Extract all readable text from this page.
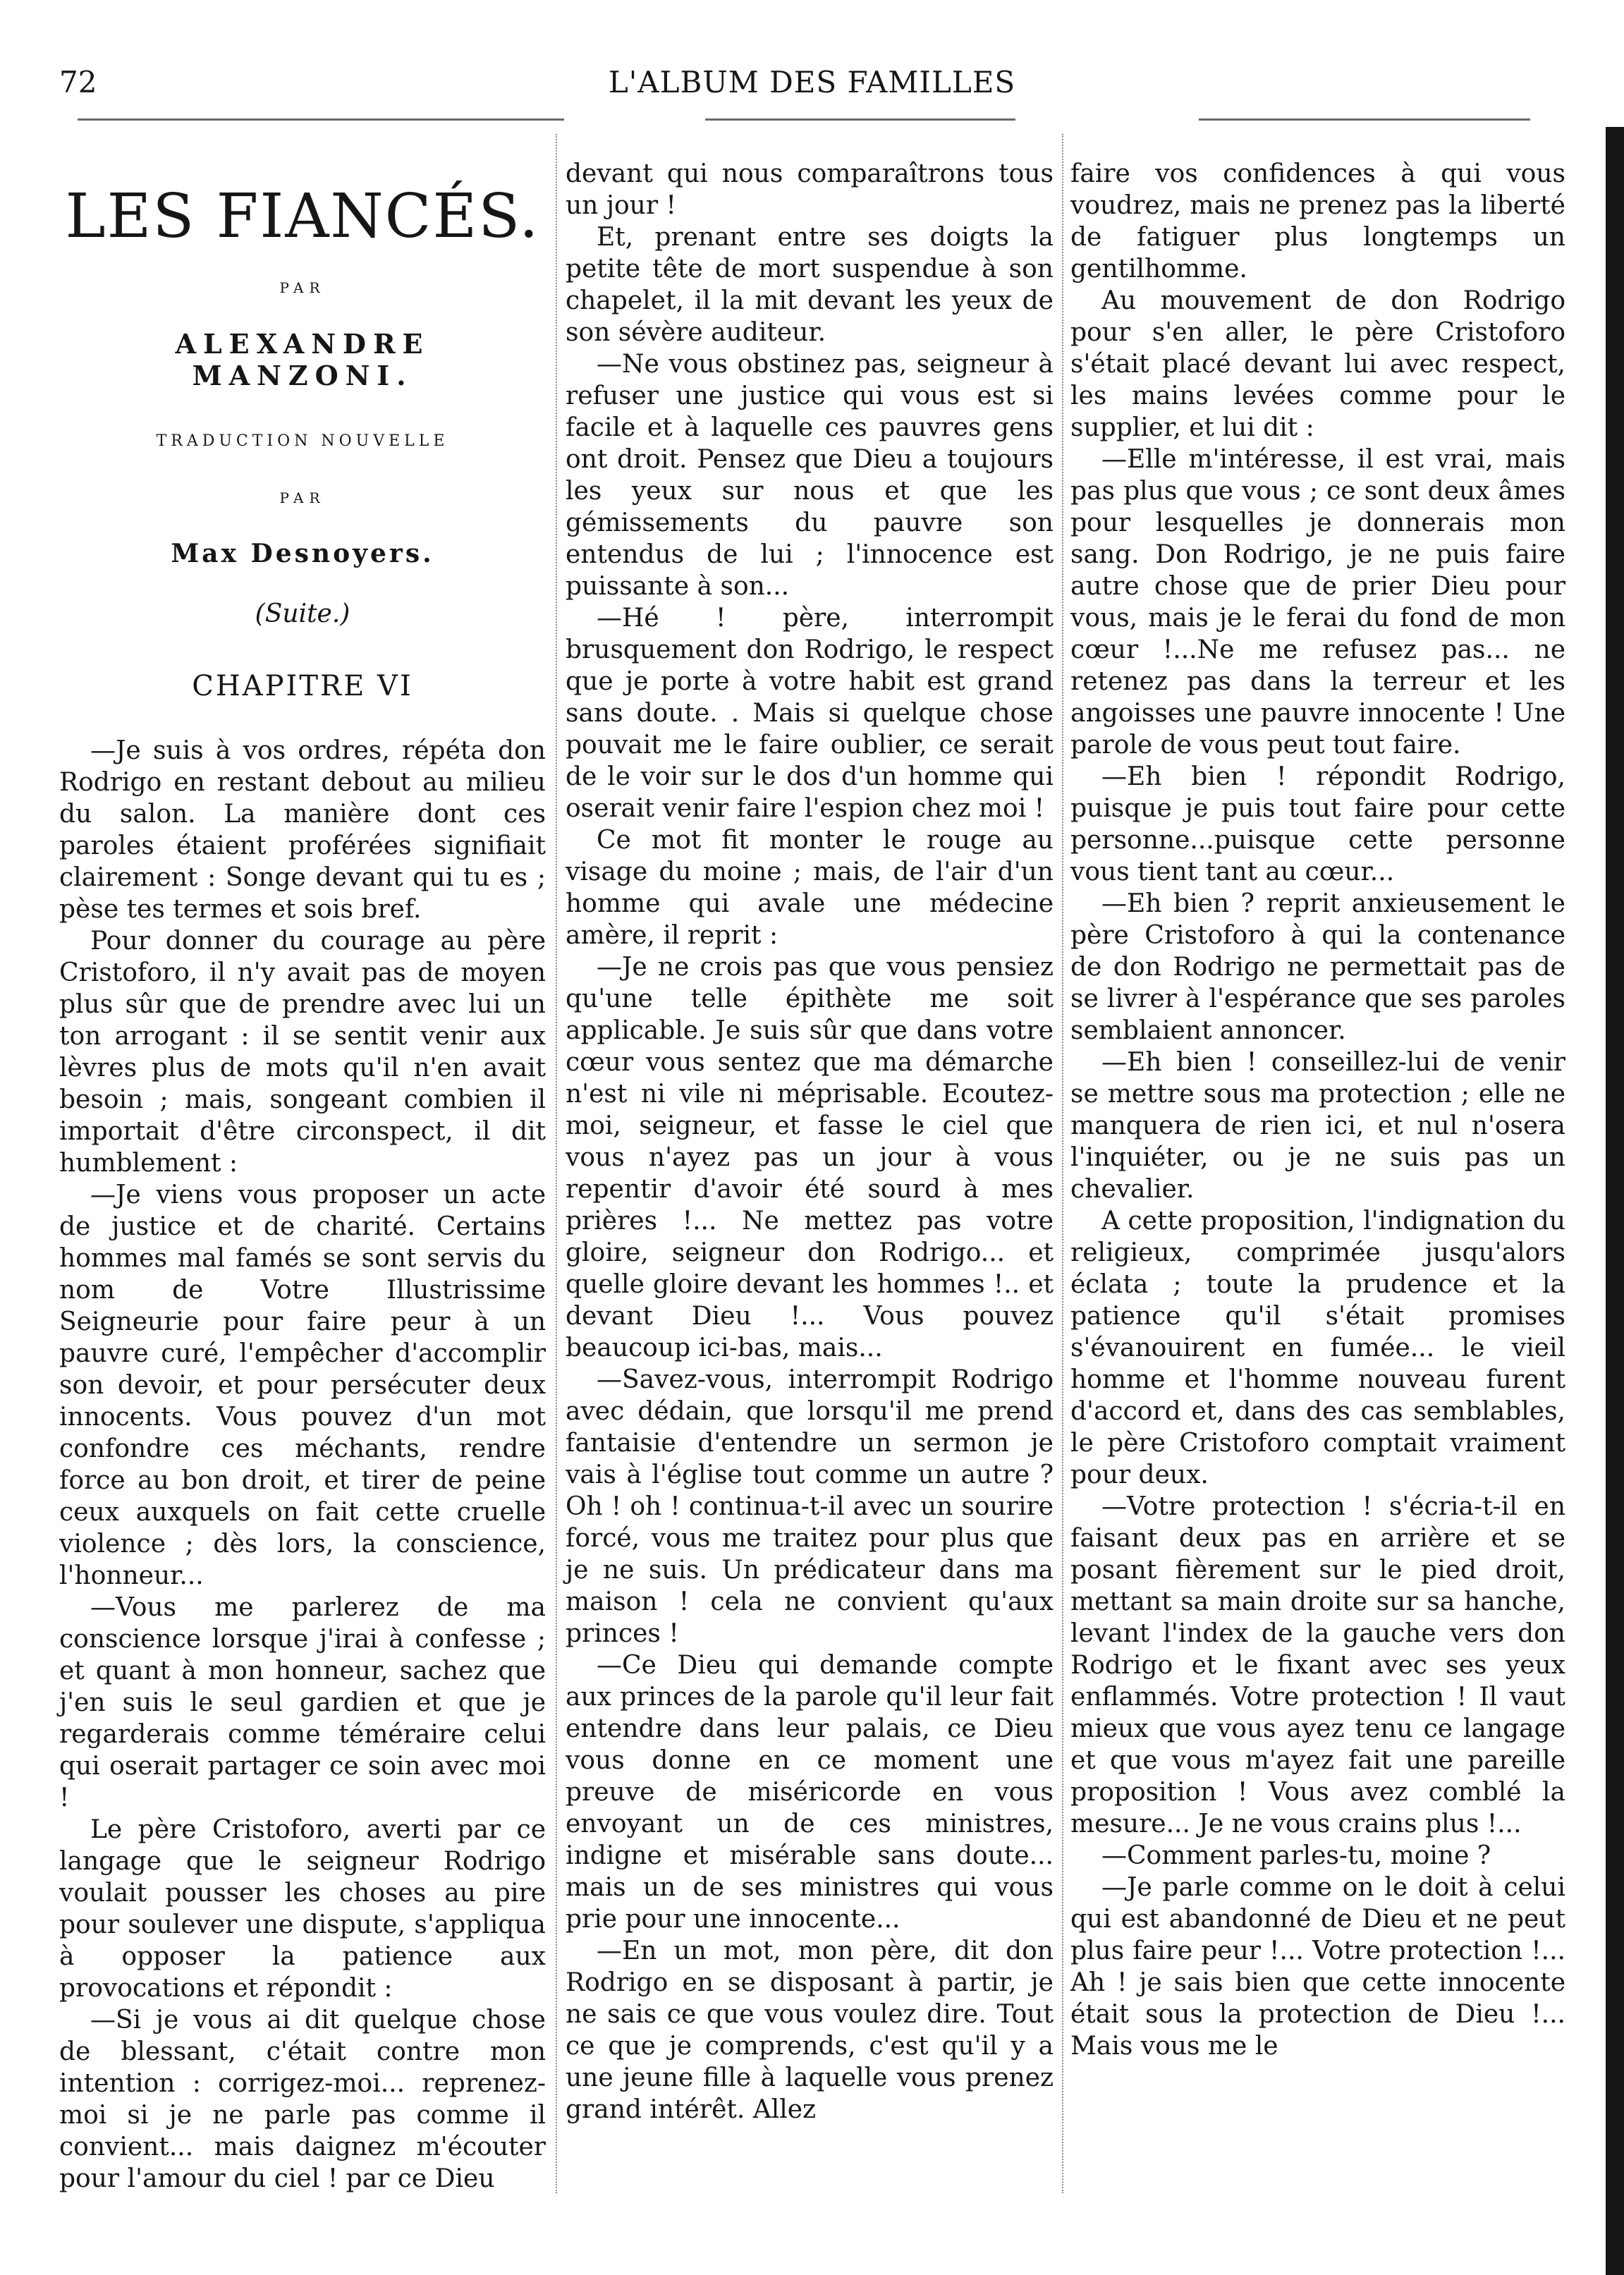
72	L'ALBUM DES FAMILLES
LES FIANCÉS.
PAR
ALEXANDRE MANZONI.
TRADUCTION NOUVELLE
PAR
Max Desnoyers.
(Suite.)
CHAPITRE VI

—Je suis à vos ordres, répéta don Rodrigo en restant debout au milieu du salon. La manière dont ces paroles étaient proférées signifiait clairement : Songe devant qui tu es ; pèse tes termes et sois bref.

Pour donner du courage au père Cristoforo, il n'y avait pas de moyen plus sûr que de prendre avec lui un ton arrogant : il se sentit venir aux lèvres plus de mots qu'il n'en avait besoin ; mais, songeant combien il importait d'être circonspect, il dit humblement :

—Je viens vous proposer un acte de justice et de charité. Certains hommes mal famés se sont servis du nom de Votre Illustrissime Seigneurie pour faire peur à un pauvre curé, l'empêcher d'accomplir son devoir, et pour persécuter deux innocents. Vous pouvez d'un mot confondre ces méchants, rendre force au bon droit, et tirer de peine ceux auxquels on fait cette cruelle violence ; dès lors, la conscience, l'honneur...

—Vous me parlerez de ma conscience lorsque j'irai à confesse ; et quant à mon honneur, sachez que j'en suis le seul gardien et que je regarderais comme téméraire celui qui oserait partager ce soin avec moi !

Le père Cristoforo, averti par ce langage que le seigneur Rodrigo voulait pousser les choses au pire pour soulever une dispute, s'appliqua à opposer la patience aux provocations et répondit :

—Si je vous ai dit quelque chose de blessant, c'était contre mon intention : corrigez-moi... reprenez-moi si je ne parle pas comme il convient... mais daignez m'écouter pour l'amour du ciel ! par ce Dieu

devant qui nous comparaîtrons tous un jour !

Et, prenant entre ses doigts la petite tête de mort suspendue à son chapelet, il la mit devant les yeux de son sévère auditeur.

—Ne vous obstinez pas, seigneur à refuser une justice qui vous est si facile et à laquelle ces pauvres gens ont droit. Pensez que Dieu a toujours les yeux sur nous et que les gémissements du pauvre son entendus de lui ; l'innocence est puissante à son...

—Hé ! père, interrompit brusquement don Rodrigo, le respect que je porte à votre habit est grand sans doute. . Mais si quelque chose pouvait me le faire oublier, ce serait de le voir sur le dos d'un homme qui oserait venir faire l'espion chez moi !

Ce mot fit monter le rouge au visage du moine ; mais, de l'air d'un homme qui avale une médecine amère, il reprit :

—Je ne crois pas que vous pensiez qu'une telle épithète me soit applicable. Je suis sûr que dans votre cœur vous sentez que ma démarche n'est ni vile ni méprisable. Ecoutez-moi, seigneur, et fasse le ciel que vous n'ayez pas un jour à vous repentir d'avoir été sourd à mes prières !... Ne mettez pas votre gloire, seigneur don Rodrigo... et quelle gloire devant les hommes !.. et devant Dieu !... Vous pouvez beaucoup ici-bas, mais...

—Savez-vous, interrompit Rodrigo avec dédain, que lorsqu'il me prend fantaisie d'entendre un sermon je vais à l'église tout comme un autre ? Oh ! oh ! continua-t-il avec un sourire forcé, vous me traitez pour plus que je ne suis. Un prédicateur dans ma maison ! cela ne convient qu'aux princes !

—Ce Dieu qui demande compte aux princes de la parole qu'il leur fait entendre dans leur palais, ce Dieu vous donne en ce moment une preuve de miséricorde en vous envoyant un de ces ministres, indigne et misérable sans doute... mais un de ses ministres qui vous prie pour une innocente...

—En un mot, mon père, dit don Rodrigo en se disposant à partir, je ne sais ce que vous voulez dire. Tout ce que je comprends, c'est qu'il y a une jeune fille à laquelle vous prenez grand intérêt. Allez

faire vos confidences à qui vous voudrez, mais ne prenez pas la liberté de fatiguer plus longtemps un gentilhomme.

Au mouvement de don Rodrigo pour s'en aller, le père Cristoforo s'était placé devant lui avec respect, les mains levées comme pour le supplier, et lui dit :

—Elle m'intéresse, il est vrai, mais pas plus que vous ; ce sont deux âmes pour lesquelles je donnerais mon sang. Don Rodrigo, je ne puis faire autre chose que de prier Dieu pour vous, mais je le ferai du fond de mon cœur !...Ne me refusez pas... ne retenez pas dans la terreur et les angoisses une pauvre innocente ! Une parole de vous peut tout faire.

—Eh bien ! répondit Rodrigo, puisque je puis tout faire pour cette personne...puisque cette personne vous tient tant au cœur...

—Eh bien ? reprit anxieusement le père Cristoforo à qui la contenance de don Rodrigo ne permettait pas de se livrer à l'espérance que ses paroles semblaient annoncer.

—Eh bien ! conseillez-lui de venir se mettre sous ma protection ; elle ne manquera de rien ici, et nul n'osera l'inquiéter, ou je ne suis pas un chevalier.

A cette proposition, l'indignation du religieux, comprimée jusqu'alors éclata ; toute la prudence et la patience qu'il s'était promises s'évanouirent en fumée... le vieil homme et l'homme nouveau furent d'accord et, dans des cas semblables, le père Cristoforo comptait vraiment pour deux.

—Votre protection ! s'écria-t-il en faisant deux pas en arrière et se posant fièrement sur le pied droit, mettant sa main droite sur sa hanche, levant l'index de la gauche vers don Rodrigo et le fixant avec ses yeux enflammés. Votre protection ! Il vaut mieux que vous ayez tenu ce langage et que vous m'ayez fait une pareille proposition ! Vous avez comblé la mesure... Je ne vous crains plus !...

—Comment parles-tu, moine ?

—Je parle comme on le doit à celui qui est abandonné de Dieu et ne peut plus faire peur !... Votre protection !... Ah ! je sais bien que cette innocente était sous la protection de Dieu !... Mais vous me le
